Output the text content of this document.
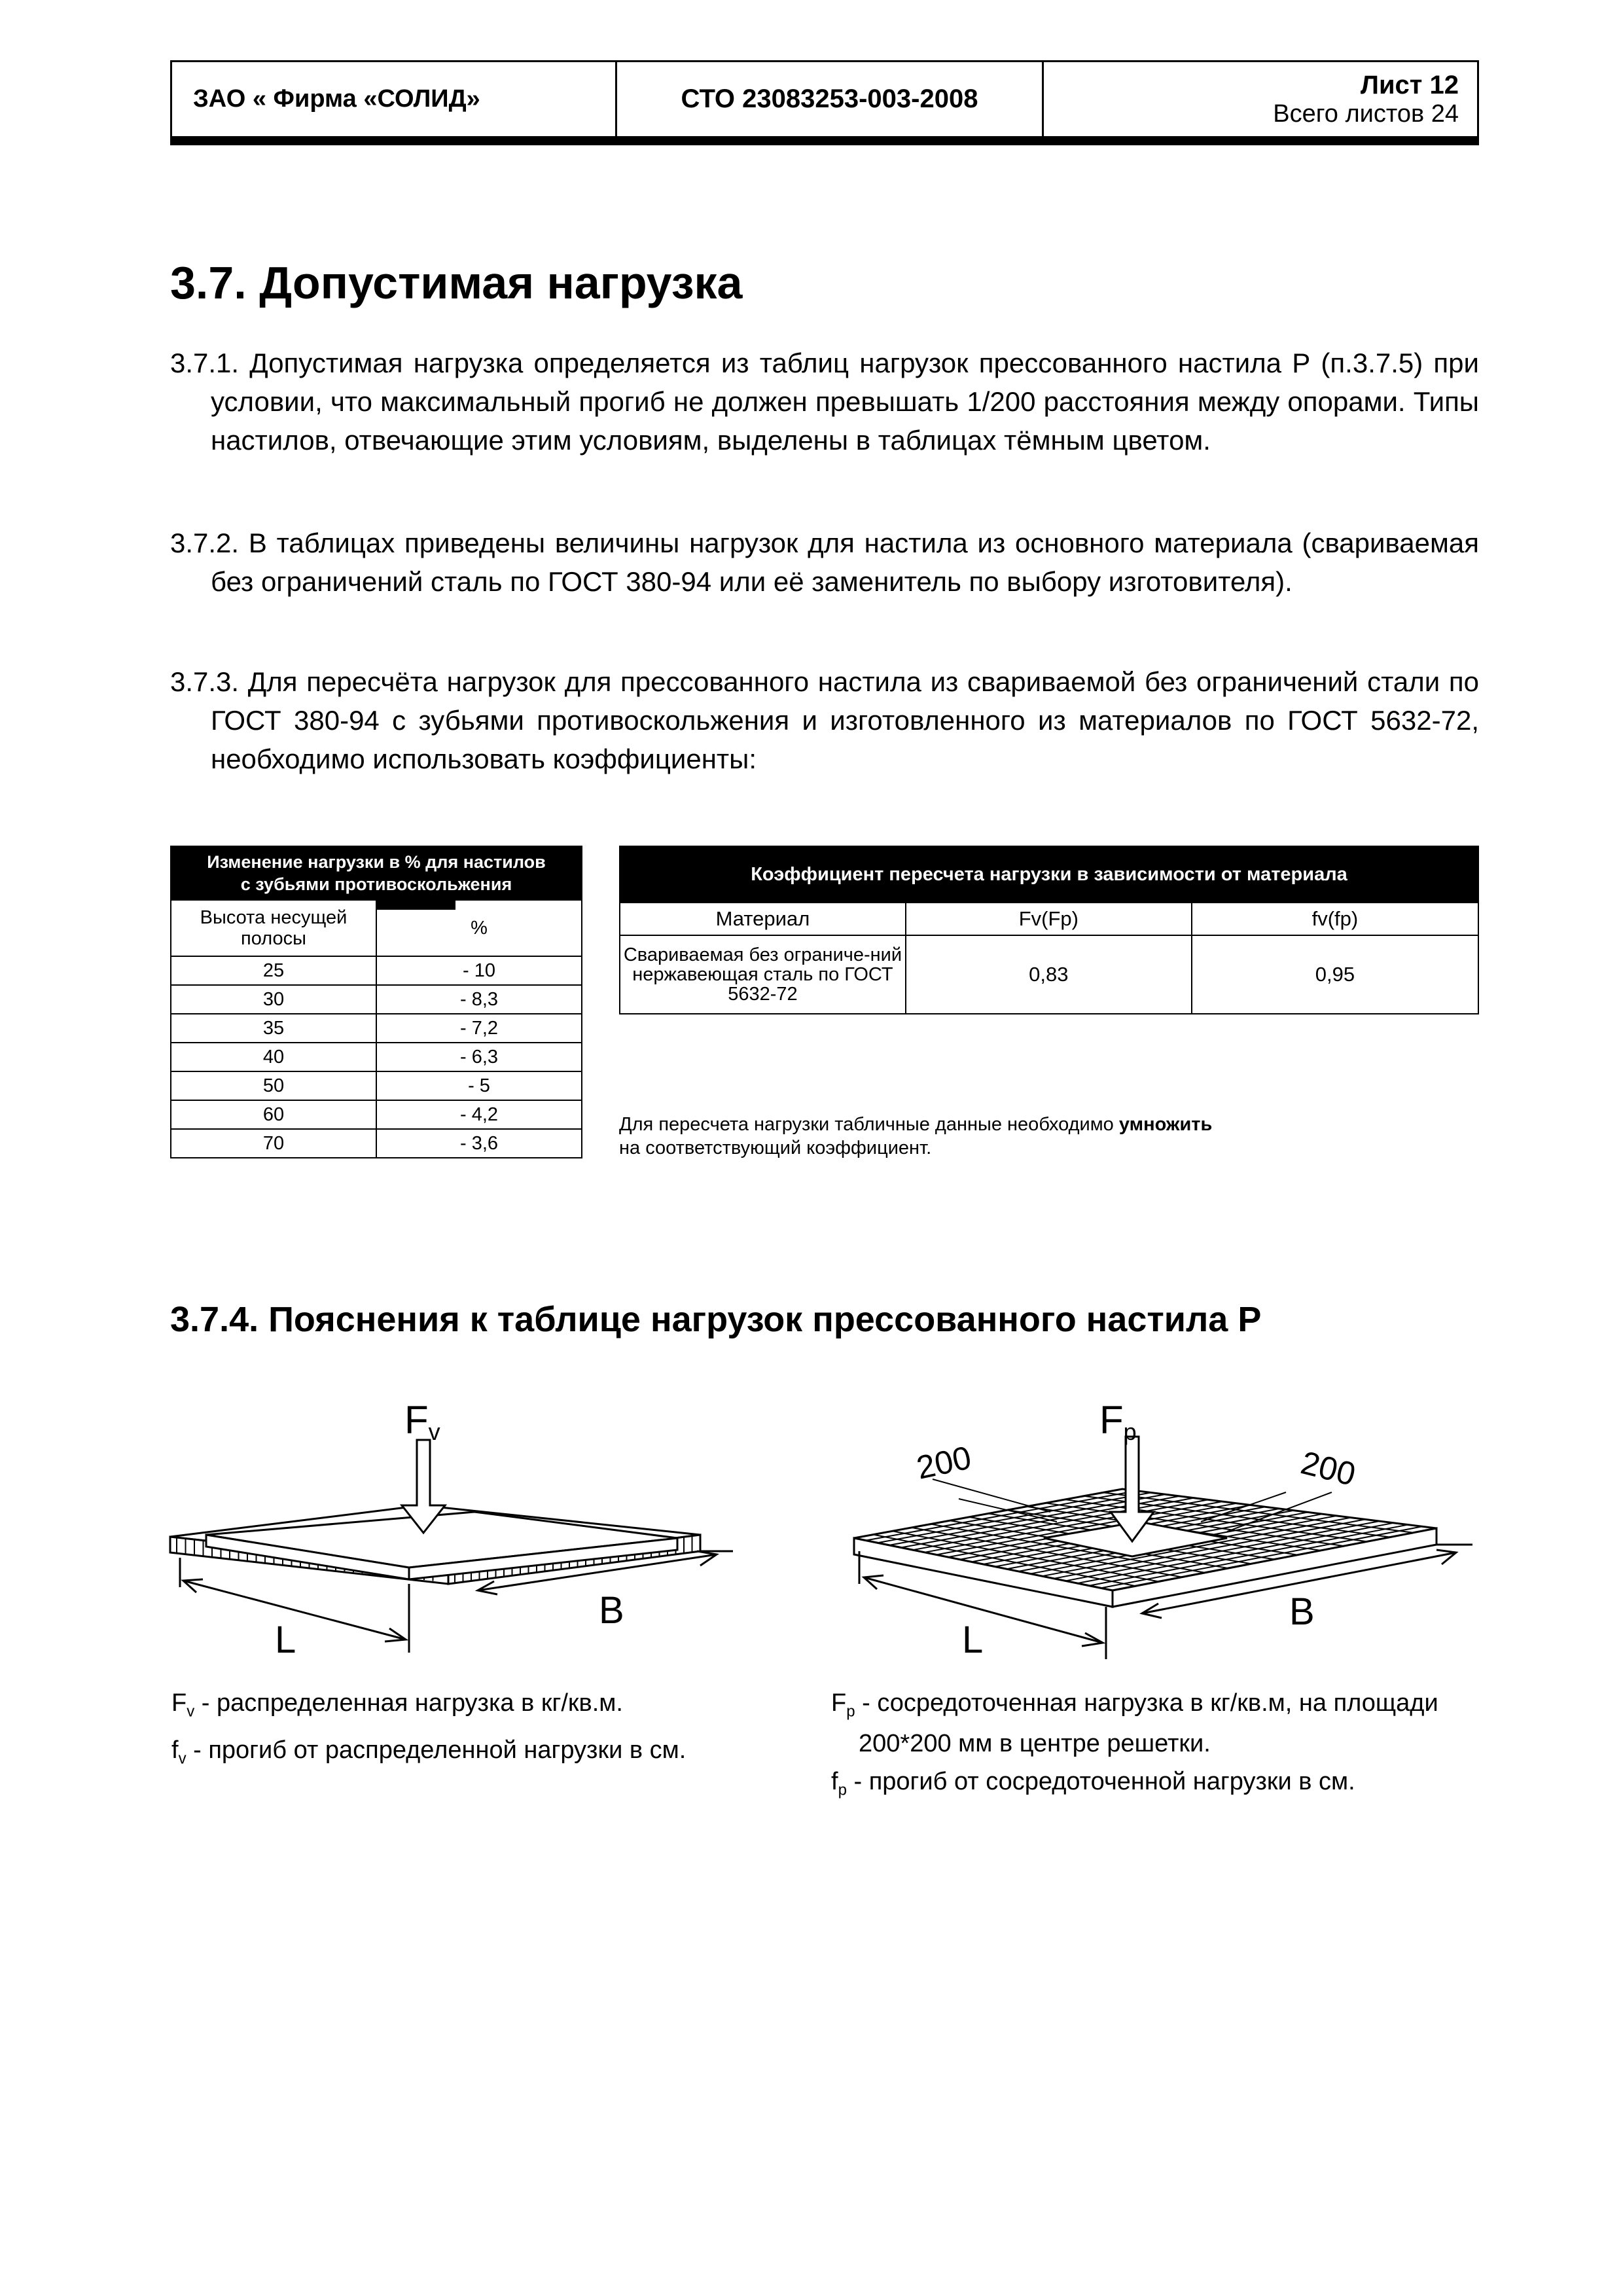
ЗАО « Фирма «СОЛИД»	СТО 23083253-003-2008	Лист 12
Всего листов 24
3.7. Допустимая нагрузка

3.7.1. Допустимая нагрузка определяется из таблиц нагрузок прессованного настила Р (п.3.7.5) при условии, что максимальный прогиб не должен превышать 1/200 расстояния между опорами. Типы настилов, отвечающие этим условиям, выделены в таблицах тёмным цветом.

3.7.2. В таблицах приведены величины нагрузок для настила из основного материала (свариваемая без ограничений сталь по ГОСТ 380-94 или её заменитель по выбору изготовителя).

3.7.3. Для пересчёта нагрузок для прессованного настила из свариваемой без ограничений стали по ГОСТ 380-94 с зубьями противоскольжения и изготовленного из материалов по ГОСТ 5632-72, необходимо использовать коэффициенты:

Изменение нагрузки в % для настилов
с зубьями противоскольжения	
Высота несущей полосы	%
25	- 10
30	- 8,3
35	- 7,2
40	- 6,3
50	- 5
60	- 4,2
70	- 3,6
Коэффициент пересчета нагрузки в зависимости от материала		
Материал	Fv(Fp)	fv(fp)
Свариваемая без ограниче-ний нержавеющая сталь по ГОСТ 5632-72	0,83	0,95

Для пересчета нагрузки табличные данные необходимо умножить
на соответствующий коэффициент.

3.7.4. Пояснения к таблице нагрузок прессованного настила Р
Fv
L
B
Fp
200	200
L
B
$F_v$ - распределенная нагрузка в кг/кв.м.
$f_v$ - прогиб от распределенной нагрузки в см.
$F_p$ - сосредоточенная нагрузка в кг/кв.м, на площади 200*200 мм в центре решетки.
$f_p$ - прогиб от сосредоточенной нагрузки в см.
